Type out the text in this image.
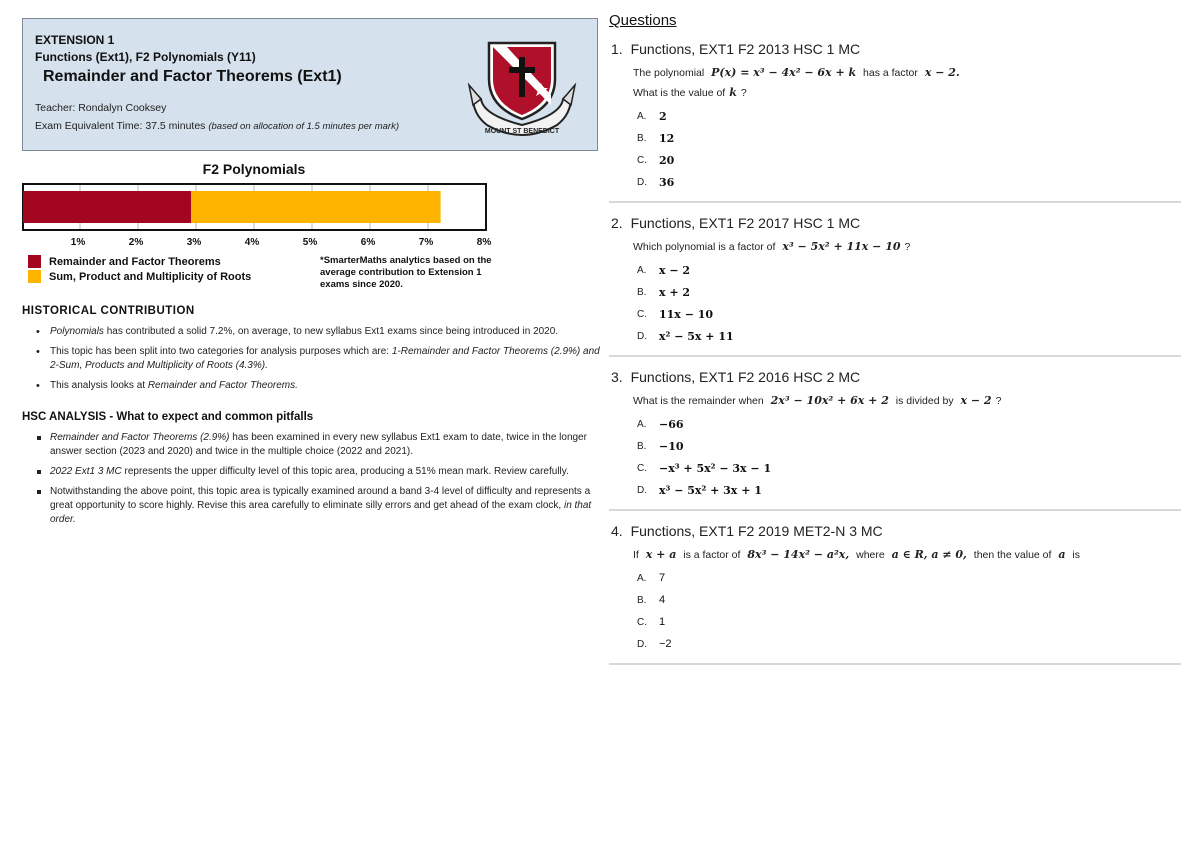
EXTENSION 1
Functions (Ext1), F2 Polynomials (Y11)
Remainder and Factor Theorems (Ext1)
Teacher: Rondalyn Cooksey
Exam Equivalent Time: 37.5 minutes (based on allocation of 1.5 minutes per mark)	MOUNT ST BENEDICT
F2 Polynomials
1%	2%	3%	4%	5%	6%	7%	8%
Remainder and Factor Theorems
Sum, Product and Multiplicity of Roots
*SmarterMaths analytics based on the average contribution to Extension 1 exams since 2020.
HISTORICAL CONTRIBUTION
• Polynomials has contributed a solid 7.2%, on average, to new syllabus Ext1 exams since being introduced in 2020.
• This topic has been split into two categories for analysis purposes which are: 1-Remainder and Factor Theorems (2.9%) and 2-Sum, Products and Multiplicity of Roots (4.3%).
• This analysis looks at Remainder and Factor Theorems.
HSC ANALYSIS - What to expect and common pitfalls
Remainder and Factor Theorems (2.9%) has been examined in every new syllabus Ext1 exam to date, twice in the longer answer section (2023 and 2020) and twice in the multiple choice (2022 and 2021).
2022 Ext1 3 MC represents the upper difficulty level of this topic area, producing a 51% mean mark. Review carefully.
Notwithstanding the above point, this topic area is typically examined around a band 3-4 level of difficulty and represents a great opportunity to score highly. Revise this area carefully to eliminate silly errors and get ahead of the exam clock, in that order.
Questions
1. Functions, EXT1 F2 2013 HSC 1 MC
The polynomial P(x) = x³ − 4x² − 6x + k has a factor x − 2.
What is the value of k ?
A.	2
B.	12
C.	20
D.	36
2. Functions, EXT1 F2 2017 HSC 1 MC
Which polynomial is a factor of x³ − 5x² + 11x − 10 ?
A.	x − 2
B.	x + 2
C.	11x − 10
D.	x² − 5x + 11
3. Functions, EXT1 F2 2016 HSC 2 MC
What is the remainder when 2x³ − 10x² + 6x + 2 is divided by x − 2 ?
A.	−66
B.	−10
C.	−x³ + 5x² − 3x − 1
D.	x³ − 5x² + 3x + 1
4. Functions, EXT1 F2 2019 MET2-N 3 MC
If x + a is a factor of 8x³ − 14x² − a²x, where a ∈ R, a ≠ 0, then the value of a is
A.	7
B.	4
C.	1
D.	−2
